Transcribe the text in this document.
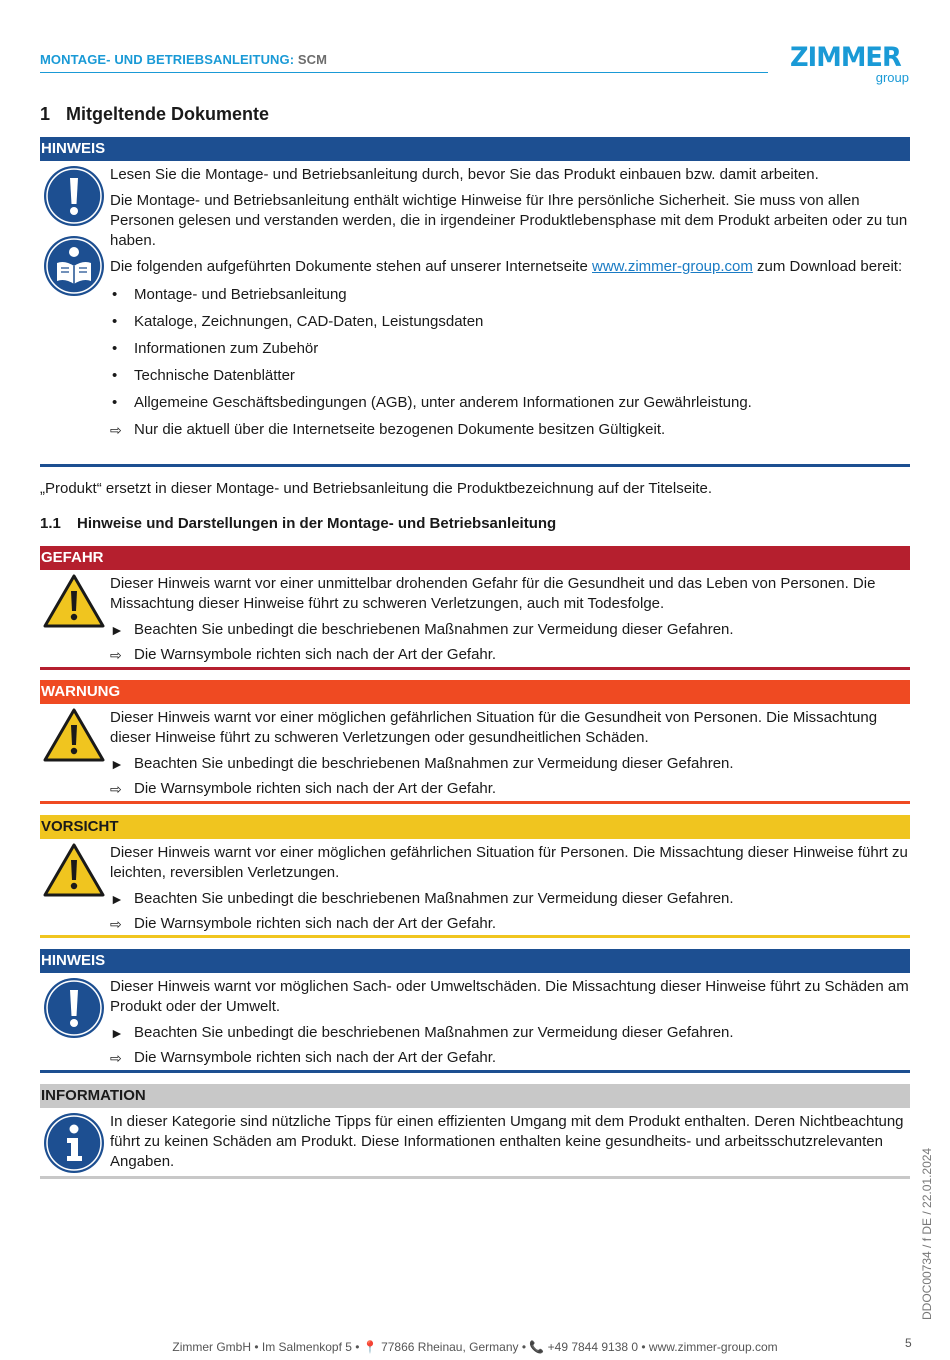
MONTAGE- UND BETRIEBSANLEITUNG: SCM	ZIMMER
group
1 Mitgeltende Dokumente
HINWEIS

Lesen Sie die Montage- und Betriebsanleitung durch, bevor Sie das Produkt einbauen bzw. damit arbeiten.

Die Montage- und Betriebsanleitung enthält wichtige Hinweise für Ihre persönliche Sicherheit. Sie muss von allen Personen gelesen und verstanden werden, die in irgendeiner Produktlebensphase mit dem Produkt arbeiten oder zu tun haben.

Die folgenden aufgeführten Dokumente stehen auf unserer Internetseite www.zimmer-group.com zum Download bereit:

• Montage- und Betriebsanleitung
• Kataloge, Zeichnungen, CAD-Daten, Leistungsdaten
• Informationen zum Zubehör
• Technische Datenblätter
• Allgemeine Geschäftsbedingungen (AGB), unter anderem Informationen zur Gewährleistung.
⇨ Nur die aktuell über die Internetseite bezogenen Dokumente besitzen Gültigkeit.
„Produkt“ ersetzt in dieser Montage- und Betriebsanleitung die Produktbezeichnung auf der Titelseite.
1.1 Hinweise und Darstellungen in der Montage- und Betriebsanleitung
GEFAHR

Dieser Hinweis warnt vor einer unmittelbar drohenden Gefahr für die Gesundheit und das Leben von Personen. Die Missachtung dieser Hinweise führt zu schweren Verletzungen, auch mit Todesfolge.

► Beachten Sie unbedingt die beschriebenen Maßnahmen zur Vermeidung dieser Gefahren.
⇨ Die Warnsymbole richten sich nach der Art der Gefahr.
WARNUNG

Dieser Hinweis warnt vor einer möglichen gefährlichen Situation für die Gesundheit von Personen. Die Missachtung dieser Hinweise führt zu schweren Verletzungen oder gesundheitlichen Schäden.

► Beachten Sie unbedingt die beschriebenen Maßnahmen zur Vermeidung dieser Gefahren.
⇨ Die Warnsymbole richten sich nach der Art der Gefahr.
VORSICHT

Dieser Hinweis warnt vor einer möglichen gefährlichen Situation für Personen. Die Missachtung dieser Hinweise führt zu leichten, reversiblen Verletzungen.

► Beachten Sie unbedingt die beschriebenen Maßnahmen zur Vermeidung dieser Gefahren.
⇨ Die Warnsymbole richten sich nach der Art der Gefahr.
HINWEIS

Dieser Hinweis warnt vor möglichen Sach- oder Umweltschäden. Die Missachtung dieser Hinweise führt zu Schäden am Produkt oder der Umwelt.

► Beachten Sie unbedingt die beschriebenen Maßnahmen zur Vermeidung dieser Gefahren.
⇨ Die Warnsymbole richten sich nach der Art der Gefahr.
INFORMATION

In dieser Kategorie sind nützliche Tipps für einen effizienten Umgang mit dem Produkt enthalten. Deren Nichtbeachtung führt zu keinen Schäden am Produkt. Diese Informationen enthalten keine gesundheits- und arbeitsschutzrelevanten Angaben.	DDOC00734 / f DE / 22.01.2024
Zimmer GmbH • Im Salmenkopf 5 • 📍 77866 Rheinau, Germany • 📞 +49 7844 9138 0 • www.zimmer-group.com	5
